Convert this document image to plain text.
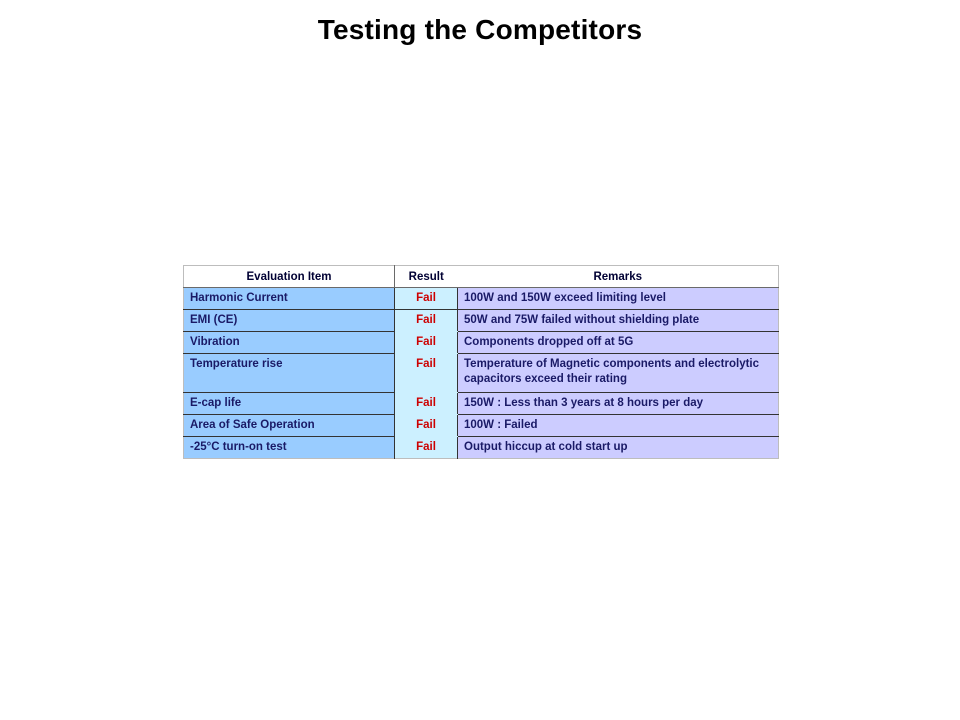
Testing the Competitors
Evaluation Item	Result	Remarks
Harmonic Current	Fail	100W and 150W exceed limiting level
EMI (CE)	Fail	50W and 75W failed without shielding plate
Vibration	Fail	Components dropped off at 5G
Temperature rise	Fail	Temperature of Magnetic components and electrolytic capacitors exceed their rating
E-cap life	Fail	150W : Less than 3 years at 8 hours per day
Area of Safe Operation	Fail	100W : Failed
-25°C turn-on test	Fail	Output hiccup at cold start up
